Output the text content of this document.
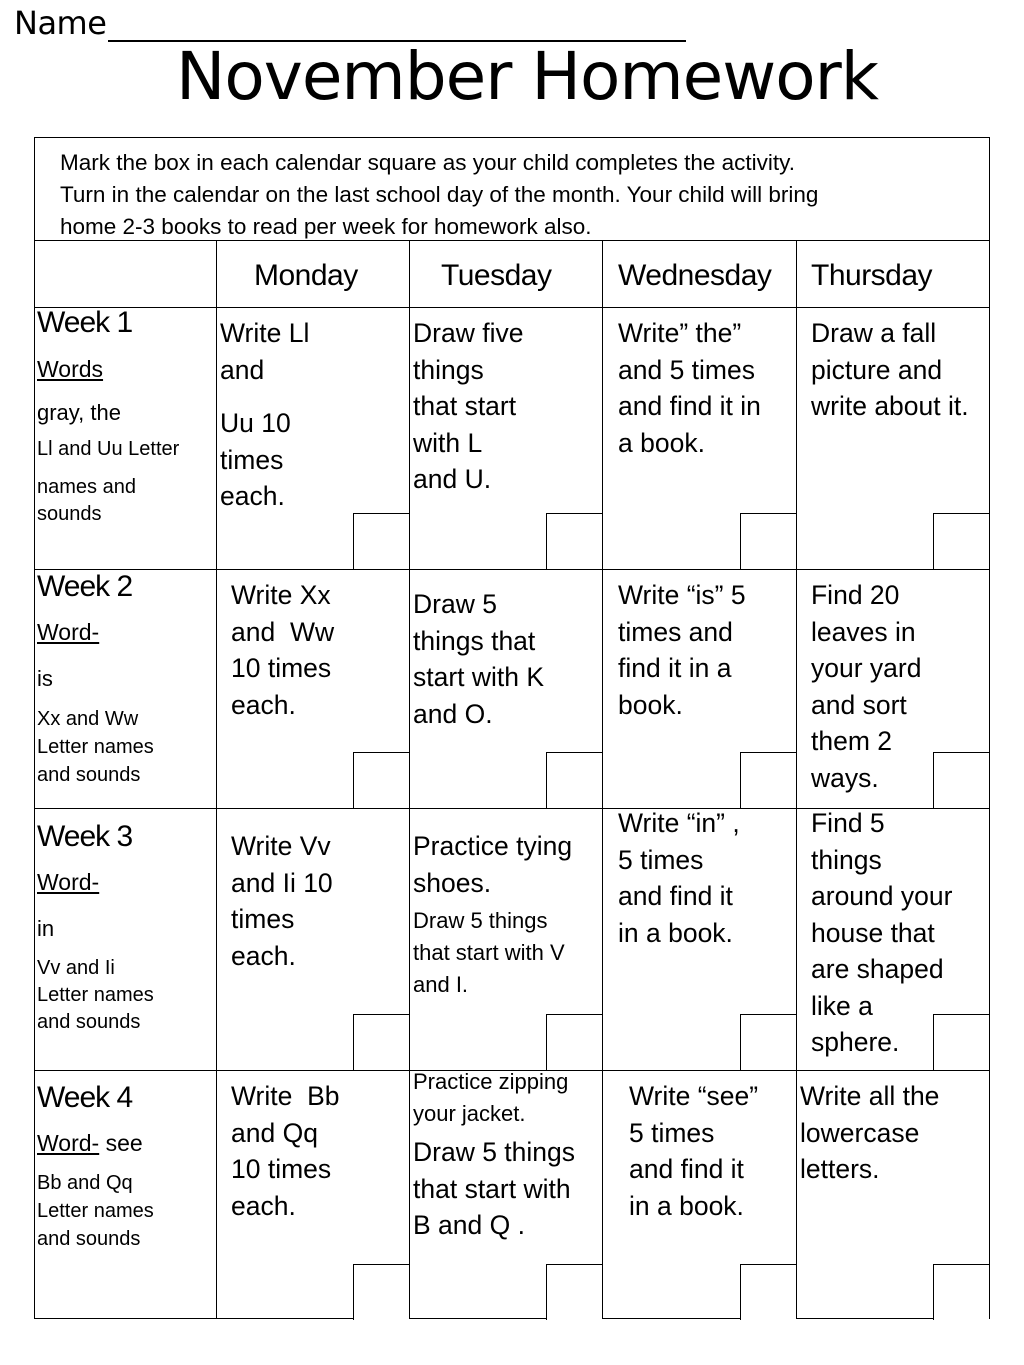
Name
November Homework
Mark the box in each calendar square as your child completes the activity.
Turn in the calendar on the last school day of the month. Your child will bring
home 2-3 books to read per week for homework also.
Monday	Tuesday Wednesday Thursday
Week 1
Words
gray, the
Ll and Uu Letter
names and
sounds
Write Ll
and
Uu 10
times
each.
Draw five
things
that start
with L
and U.
Write” the”
and 5 times
and find it in
a book.
Draw a fall
picture and
write about it.
Week 2
Word-
is
Xx and Ww
Letter names
and sounds
Write Xx
and  Ww
10 times
each.
Draw 5
things that
start with K
and O.
Write “is” 5
times and
find it in a
book.
Find 20
leaves in
your yard
and sort
them 2
ways.
Week 3
Word-
in
Vv and Ii
Letter names
and sounds
Write Vv
and Ii 10
times
each.
Practice tying
shoes.
Draw 5 things
that start with V
and I.
Write “in” ,
5 times
and find it
in a book.
Find 5
things
around your
house that
are shaped
like a
sphere.
Week 4
Word- see
Bb and Qq
Letter names
and sounds
Write  Bb
and Qq
10 times
each.
Practice zipping
your jacket.
Draw 5 things
that start with
B and Q .
Write “see”
5 times
and find it
in a book.
Write all the
lowercase
letters.
